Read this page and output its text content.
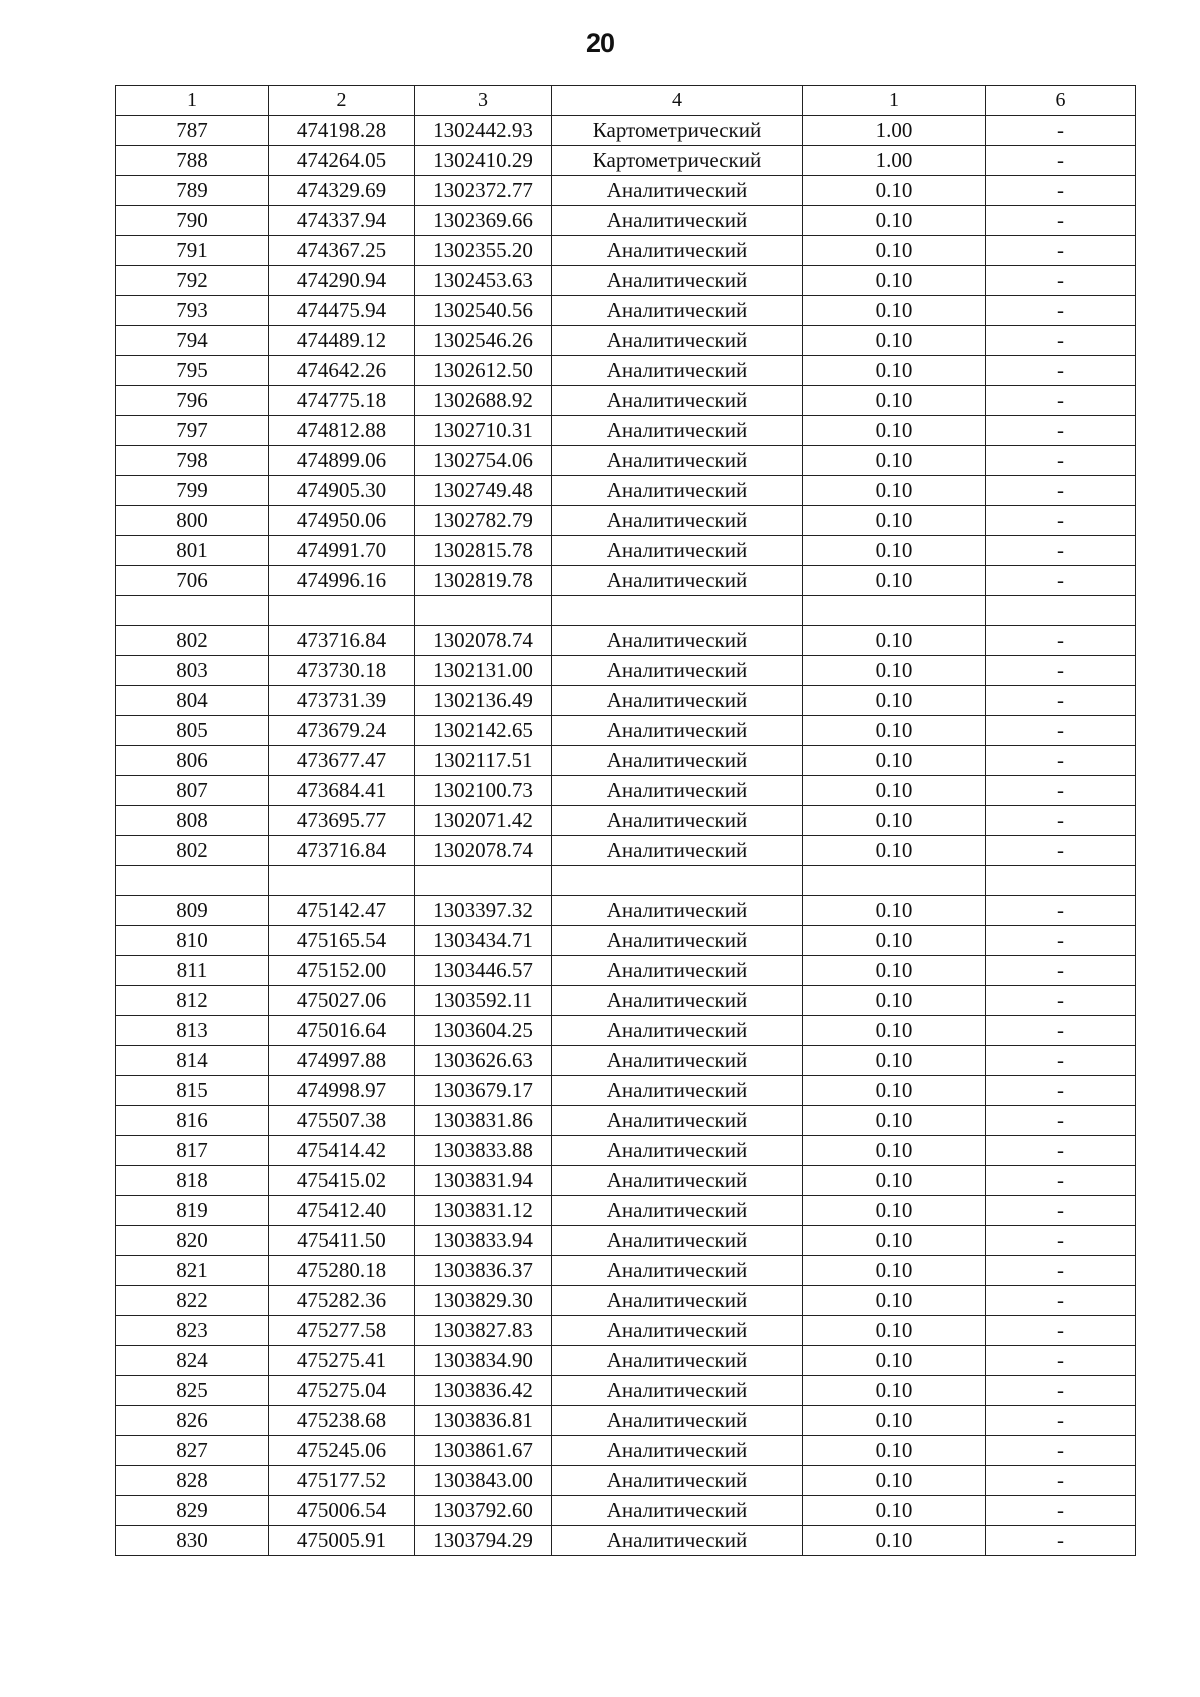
20
1	2	3	4	1	6
787	474198.28	1302442.93	Картометрический	1.00	-
788	474264.05	1302410.29	Картометрический	1.00	-
789	474329.69	1302372.77	Аналитический	0.10	-
790	474337.94	1302369.66	Аналитический	0.10	-
791	474367.25	1302355.20	Аналитический	0.10	-
792	474290.94	1302453.63	Аналитический	0.10	-
793	474475.94	1302540.56	Аналитический	0.10	-
794	474489.12	1302546.26	Аналитический	0.10	-
795	474642.26	1302612.50	Аналитический	0.10	-
796	474775.18	1302688.92	Аналитический	0.10	-
797	474812.88	1302710.31	Аналитический	0.10	-
798	474899.06	1302754.06	Аналитический	0.10	-
799	474905.30	1302749.48	Аналитический	0.10	-
800	474950.06	1302782.79	Аналитический	0.10	-
801	474991.70	1302815.78	Аналитический	0.10	-
706	474996.16	1302819.78	Аналитический	0.10	-

802	473716.84	1302078.74	Аналитический	0.10	-
803	473730.18	1302131.00	Аналитический	0.10	-
804	473731.39	1302136.49	Аналитический	0.10	-
805	473679.24	1302142.65	Аналитический	0.10	-
806	473677.47	1302117.51	Аналитический	0.10	-
807	473684.41	1302100.73	Аналитический	0.10	-
808	473695.77	1302071.42	Аналитический	0.10	-
802	473716.84	1302078.74	Аналитический	0.10	-

809	475142.47	1303397.32	Аналитический	0.10	-
810	475165.54	1303434.71	Аналитический	0.10	-
811	475152.00	1303446.57	Аналитический	0.10	-
812	475027.06	1303592.11	Аналитический	0.10	-
813	475016.64	1303604.25	Аналитический	0.10	-
814	474997.88	1303626.63	Аналитический	0.10	-
815	474998.97	1303679.17	Аналитический	0.10	-
816	475507.38	1303831.86	Аналитический	0.10	-
817	475414.42	1303833.88	Аналитический	0.10	-
818	475415.02	1303831.94	Аналитический	0.10	-
819	475412.40	1303831.12	Аналитический	0.10	-
820	475411.50	1303833.94	Аналитический	0.10	-
821	475280.18	1303836.37	Аналитический	0.10	-
822	475282.36	1303829.30	Аналитический	0.10	-
823	475277.58	1303827.83	Аналитический	0.10	-
824	475275.41	1303834.90	Аналитический	0.10	-
825	475275.04	1303836.42	Аналитический	0.10	-
826	475238.68	1303836.81	Аналитический	0.10	-
827	475245.06	1303861.67	Аналитический	0.10	-
828	475177.52	1303843.00	Аналитический	0.10	-
829	475006.54	1303792.60	Аналитический	0.10	-
830	475005.91	1303794.29	Аналитический	0.10	-
